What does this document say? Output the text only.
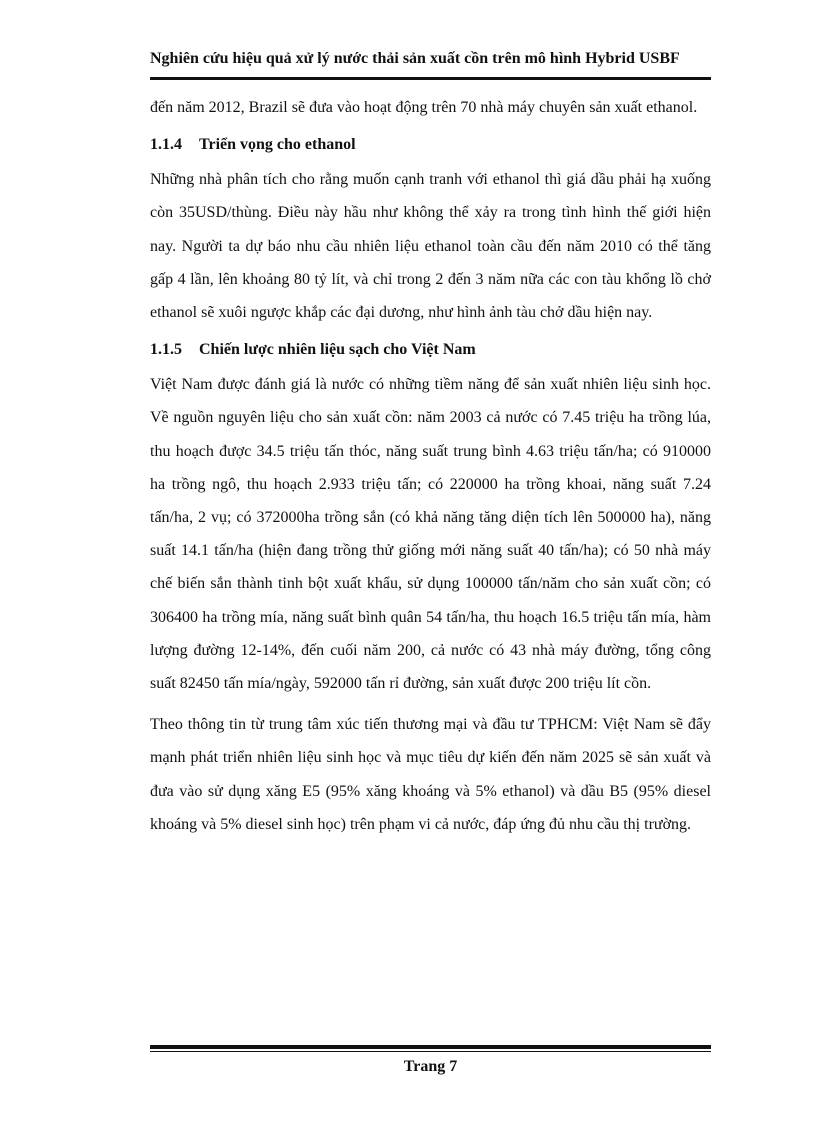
Nghiên cứu hiệu quả xử lý nước thải sản xuất cồn trên mô hình Hybrid USBF

đến năm 2012, Brazil sẽ đưa vào hoạt động trên 70 nhà máy chuyên sản xuất ethanol.

1.1.4 Triển vọng cho ethanol

Những nhà phân tích cho rằng muốn cạnh tranh với ethanol thì giá dầu phải hạ xuống còn 35USD/thùng. Điều này hầu như không thể xảy ra trong tình hình thế giới hiện nay. Người ta dự báo nhu cầu nhiên liệu ethanol toàn cầu đến năm 2010 có thể tăng gấp 4 lần, lên khoảng 80 tỷ lít, và chỉ trong 2 đến 3 năm nữa các con tàu khổng lồ chở ethanol sẽ xuôi ngược khắp các đại dương, như hình ảnh tàu chở dầu hiện nay.

1.1.5 Chiến lược nhiên liệu sạch cho Việt Nam

Việt Nam được đánh giá là nước có những tiềm năng để sản xuất nhiên liệu sinh học. Về nguồn nguyên liệu cho sản xuất cồn: năm 2003 cả nước có 7.45 triệu ha trồng lúa, thu hoạch được 34.5 triệu tấn thóc, năng suất trung bình 4.63 triệu tấn/ha; có 910000 ha trồng ngô, thu hoạch 2.933 triệu tấn; có 220000 ha trồng khoai, năng suất 7.24 tấn/ha, 2 vụ; có 372000ha trồng sắn (có khả năng tăng diện tích lên 500000 ha), năng suất 14.1 tấn/ha (hiện đang trồng thử giống mới năng suất 40 tấn/ha); có 50 nhà máy chế biến sắn thành tinh bột xuất khẩu, sử dụng 100000 tấn/năm cho sản xuất cồn; có 306400 ha trồng mía, năng suất bình quân 54 tấn/ha, thu hoạch 16.5 triệu tấn mía, hàm lượng đường 12-14%, đến cuối năm 200, cả nước có 43 nhà máy đường, tổng công suất 82450 tấn mía/ngày, 592000 tấn rỉ đường, sản xuất được 200 triệu lít cồn.

Theo thông tin từ trung tâm xúc tiến thương mại và đầu tư TPHCM: Việt Nam sẽ đẩy mạnh phát triển nhiên liệu sinh học và mục tiêu dự kiến đến năm 2025 sẽ sản xuất và đưa vào sử dụng xăng E5 (95% xăng khoáng và 5% ethanol) và dầu B5 (95% diesel khoáng và 5% diesel sinh học) trên phạm vi cả nước, đáp ứng đủ nhu cầu thị trường.

Trang 7
